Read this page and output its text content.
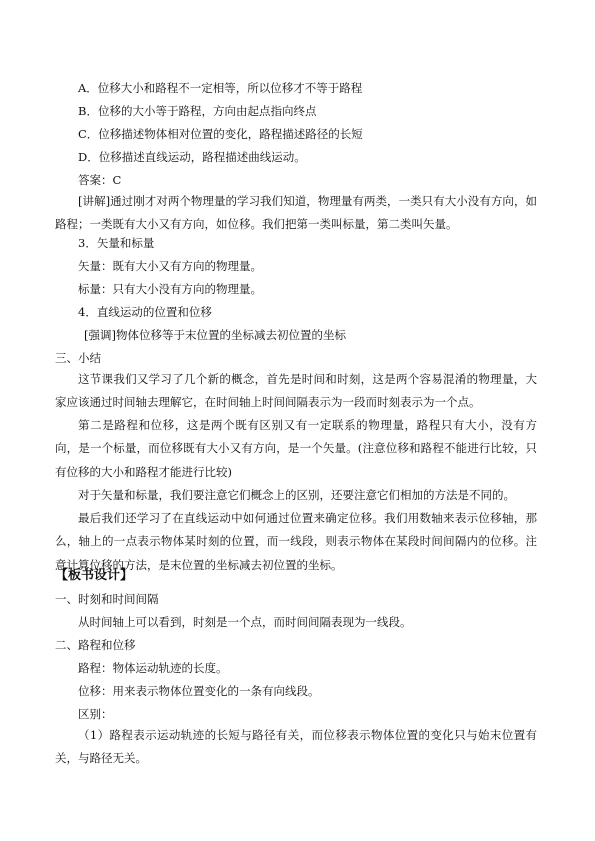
A．位移大小和路程不一定相等，所以位移才不等于路程
B．位移的大小等于路程，方向由起点指向终点
C．位移描述物体相对位置的变化，路程描述路径的长短
D．位移描述直线运动，路程描述曲线运动。
答案：C
[讲解]通过刚才对两个物理量的学习我们知道，物理量有两类，一类只有大小没有方向，如路程；一类既有大小又有方向，如位移。我们把第一类叫标量，第二类叫矢量。
3．矢量和标量
矢量：既有大小又有方向的物理量。
标量：只有大小没有方向的物理量。
4．直线运动的位置和位移
[强调]物体位移等于末位置的坐标减去初位置的坐标
三、小结
这节课我们又学习了几个新的概念，首先是时间和时刻，这是两个容易混淆的物理量，大家应该通过时间轴去理解它，在时间轴上时间间隔表示为一段而时刻表示为一个点。
第二是路程和位移，这是两个既有区别又有一定联系的物理量，路程只有大小，没有方向，是一个标量，而位移既有大小又有方向，是一个矢量。(注意位移和路程不能进行比较，只有位移的大小和路程才能进行比较)
对于矢量和标量，我们要注意它们概念上的区别，还要注意它们相加的方法是不同的。
最后我们还学习了在直线运动中如何通过位置来确定位移。我们用数轴来表示位移轴，那么，轴上的一点表示物体某时刻的位置，而一线段，则表示物体在某段时间间隔内的位移。注意计算位移的方法，是末位置的坐标减去初位置的坐标。
【板书设计】
一、时刻和时间间隔
从时间轴上可以看到，时刻是一个点，而时间间隔表现为一线段。
二、路程和位移
路程：物体运动轨迹的长度。
位移：用来表示物体位置变化的一条有向线段。
区别：
（1）路程表示运动轨迹的长短与路径有关，而位移表示物体位置的变化只与始末位置有关，与路径无关。
